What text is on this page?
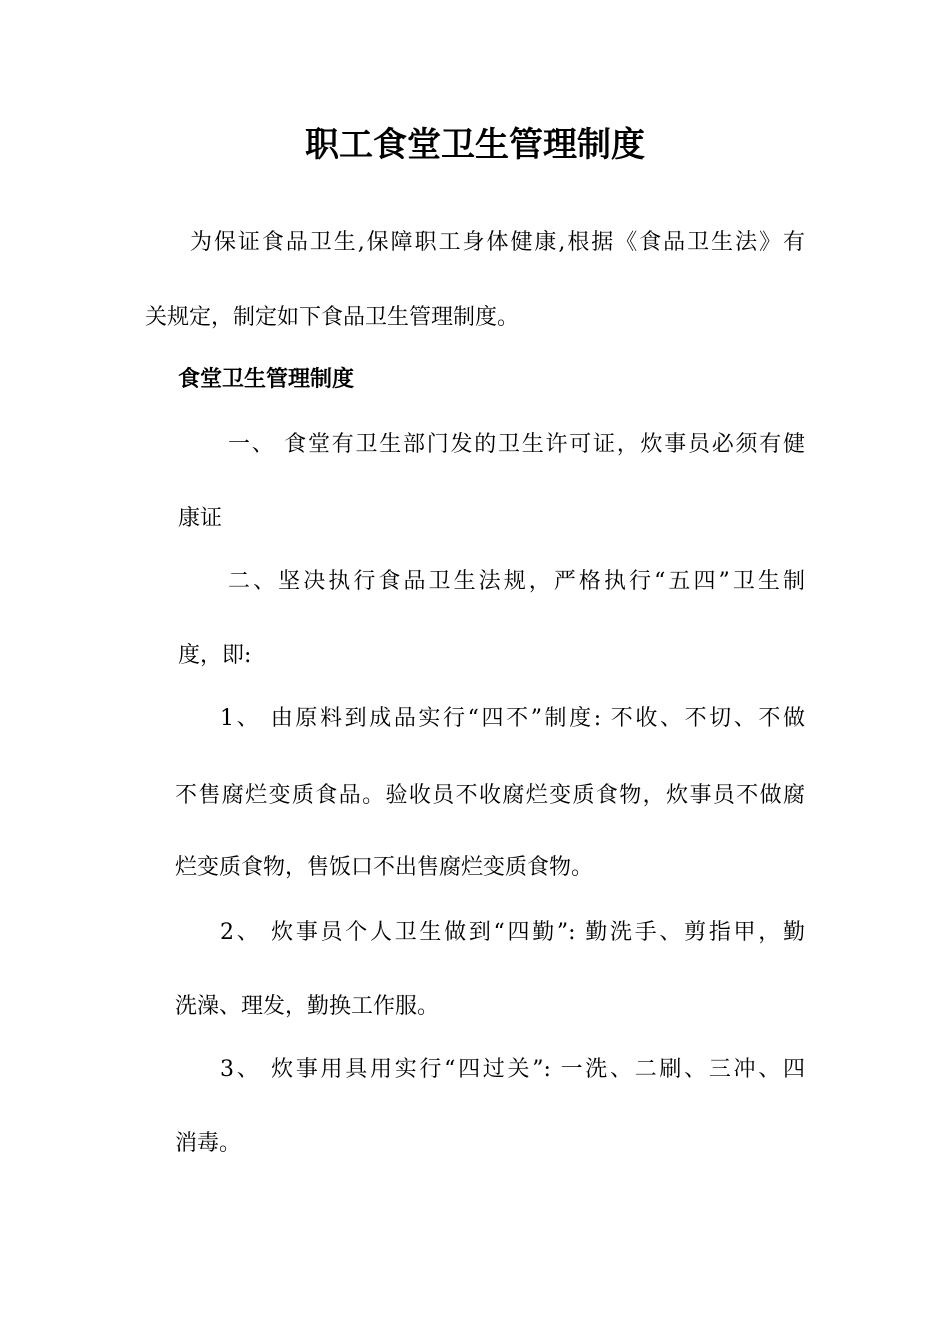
职工食堂卫生管理制度
为保证食品卫生,保障职工身体健康,根据《食品卫生法》有
关规定，制定如下食品卫生管理制度。
食堂卫生管理制度
一、 食堂有卫生部门发的卫生许可证，炊事员必须有健
康证
二、坚决执行食品卫生法规，严格执行“五四”卫生制
度，即:
1、 由原料到成品实行“四不”制度: 不收、不切、不做
不售腐烂变质食品。验收员不收腐烂变质食物，炊事员不做腐
烂变质食物，售饭口不出售腐烂变质食物。
2、 炊事员个人卫生做到“四勤”: 勤洗手、剪指甲，勤
洗澡、理发，勤换工作服。
3、 炊事用具用实行“四过关”: 一洗、二刷、三冲、四
消毒。
